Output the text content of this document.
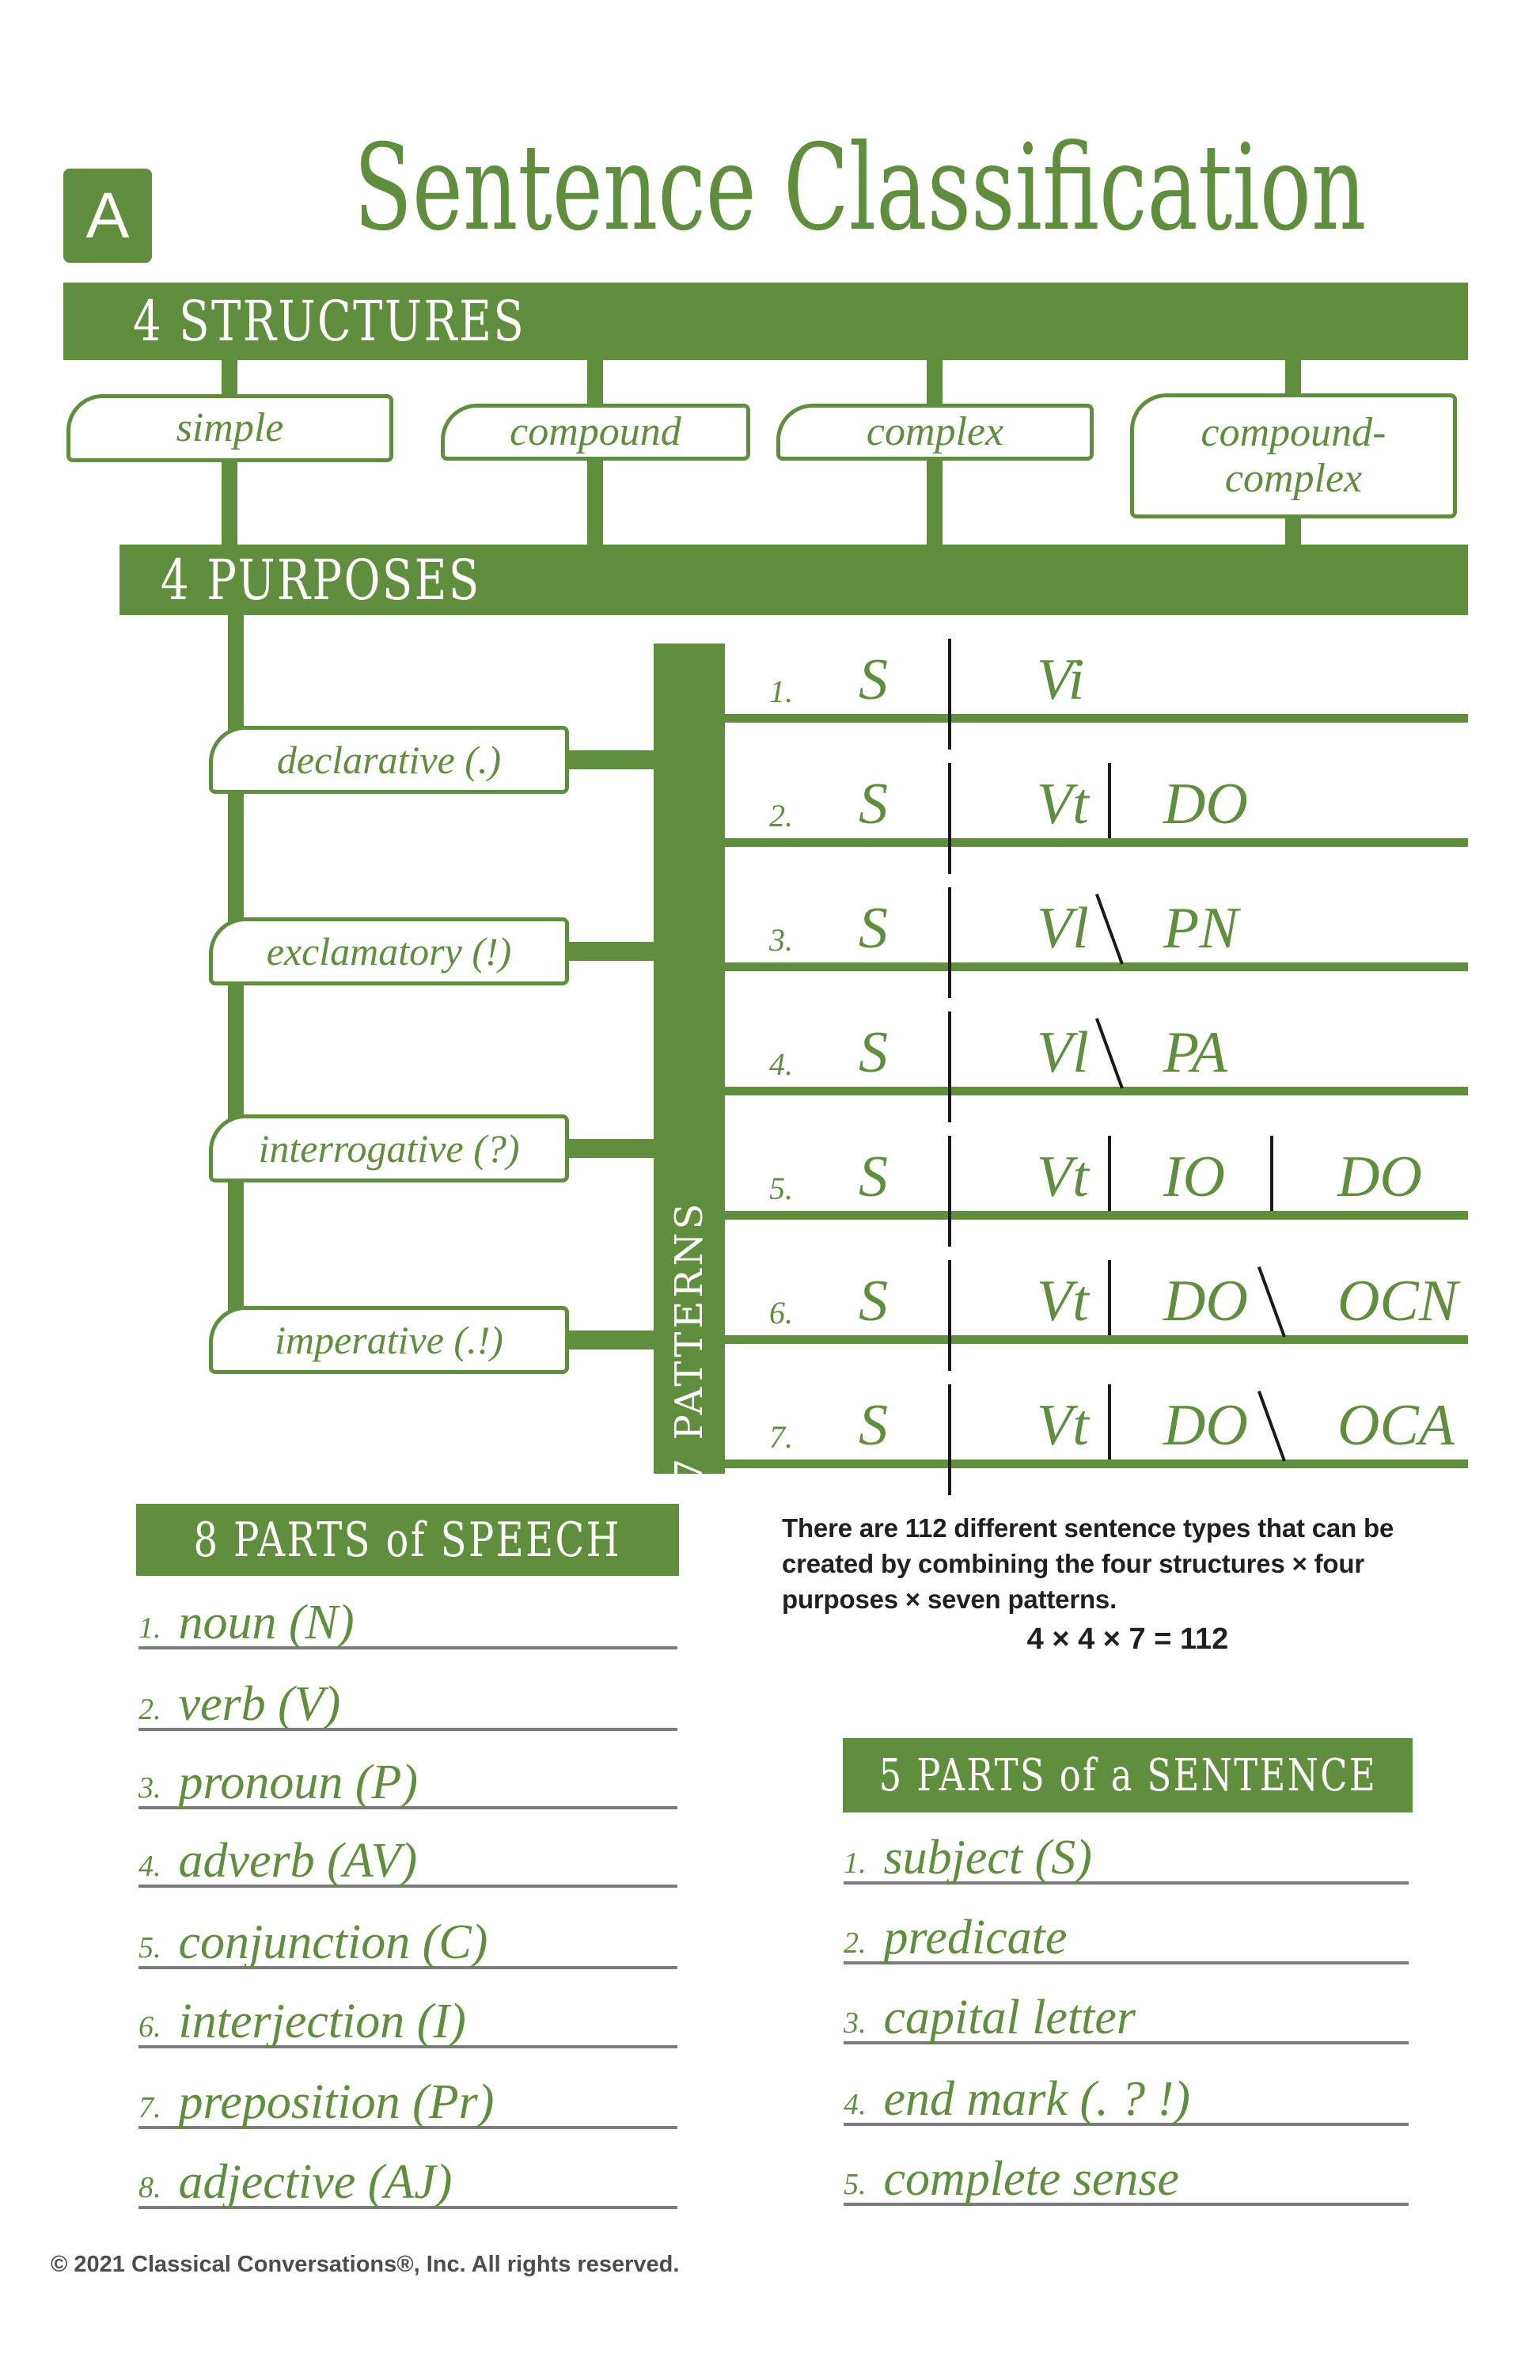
A Sentence Classification
4 STRUCTURES
simple	compound	complex	compound-complex
4 PURPOSES
declarative (.)
exclamatory (!)
interrogative (?)
imperative (.!)
1. S	Vi
2. S	Vt DO
3. S	Vl PN
4. S	Vl PA
5. S	Vt IO DO
6. S	Vt DO OCN
7. S	Vt DO OCA
7 PATTERNS
8 PARTS of SPEECH
1. noun (N)
2. verb (V)
3. pronoun (P)
4. adverb (AV)
5. conjunction (C)
6. interjection (I)
7. preposition (Pr)
8. adjective (AJ)
There are 112 different sentence types that can be created by combining the four structures × four purposes × seven patterns.
4 × 4 × 7 = 112
5 PARTS of a SENTENCE
1. subject (S)
2. predicate
3. capital letter
4. end mark (. ? !)
5. complete sense
© 2021 Classical Conversations®, Inc. All rights reserved.
